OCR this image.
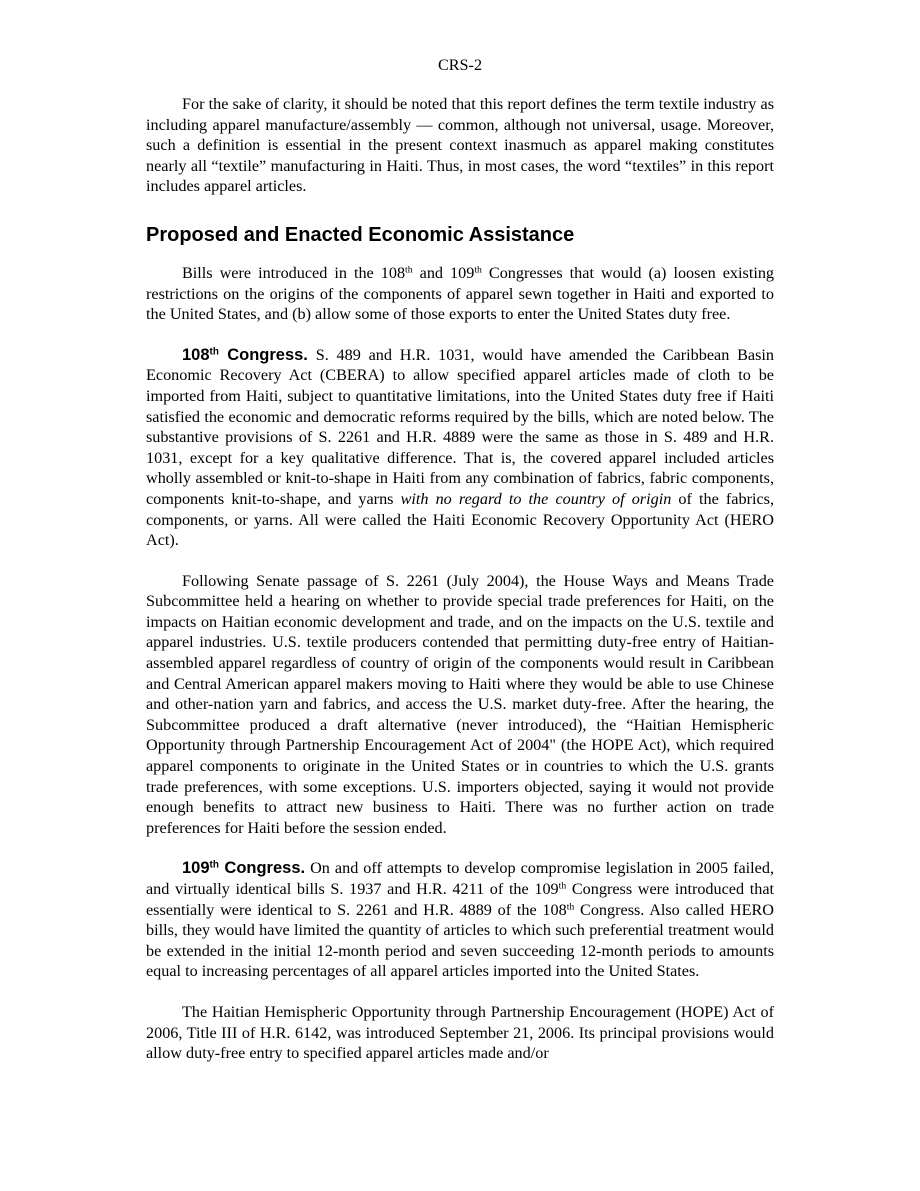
CRS-2

For the sake of clarity, it should be noted that this report defines the term textile industry as including apparel manufacture/assembly — common, although not universal, usage. Moreover, such a definition is essential in the present context inasmuch as apparel making constitutes nearly all “textile” manufacturing in Haiti. Thus, in most cases, the word “textiles” in this report includes apparel articles.

Proposed and Enacted Economic Assistance

Bills were introduced in the 108th and 109th Congresses that would (a) loosen existing restrictions on the origins of the components of apparel sewn together in Haiti and exported to the United States, and (b) allow some of those exports to enter the United States duty free.

108th Congress. S. 489 and H.R. 1031, would have amended the Caribbean Basin Economic Recovery Act (CBERA) to allow specified apparel articles made of cloth to be imported from Haiti, subject to quantitative limitations, into the United States duty free if Haiti satisfied the economic and democratic reforms required by the bills, which are noted below. The substantive provisions of S. 2261 and H.R. 4889 were the same as those in S. 489 and H.R. 1031, except for a key qualitative difference. That is, the covered apparel included articles wholly assembled or knit-to-shape in Haiti from any combination of fabrics, fabric components, components knit-to-shape, and yarns with no regard to the country of origin of the fabrics, components, or yarns. All were called the Haiti Economic Recovery Opportunity Act (HERO Act).

Following Senate passage of S. 2261 (July 2004), the House Ways and Means Trade Subcommittee held a hearing on whether to provide special trade preferences for Haiti, on the impacts on Haitian economic development and trade, and on the impacts on the U.S. textile and apparel industries. U.S. textile producers contended that permitting duty-free entry of Haitian-assembled apparel regardless of country of origin of the components would result in Caribbean and Central American apparel makers moving to Haiti where they would be able to use Chinese and other-nation yarn and fabrics, and access the U.S. market duty-free. After the hearing, the Subcommittee produced a draft alternative (never introduced), the “Haitian Hemispheric Opportunity through Partnership Encouragement Act of 2004" (the HOPE Act), which required apparel components to originate in the United States or in countries to which the U.S. grants trade preferences, with some exceptions. U.S. importers objected, saying it would not provide enough benefits to attract new business to Haiti. There was no further action on trade preferences for Haiti before the session ended.

109th Congress. On and off attempts to develop compromise legislation in 2005 failed, and virtually identical bills S. 1937 and H.R. 4211 of the 109th Congress were introduced that essentially were identical to S. 2261 and H.R. 4889 of the 108th Congress. Also called HERO bills, they would have limited the quantity of articles to which such preferential treatment would be extended in the initial 12-month period and seven succeeding 12-month periods to amounts equal to increasing percentages of all apparel articles imported into the United States.

The Haitian Hemispheric Opportunity through Partnership Encouragement (HOPE) Act of 2006, Title III of H.R. 6142, was introduced September 21, 2006. Its principal provisions would allow duty-free entry to specified apparel articles made and/or
